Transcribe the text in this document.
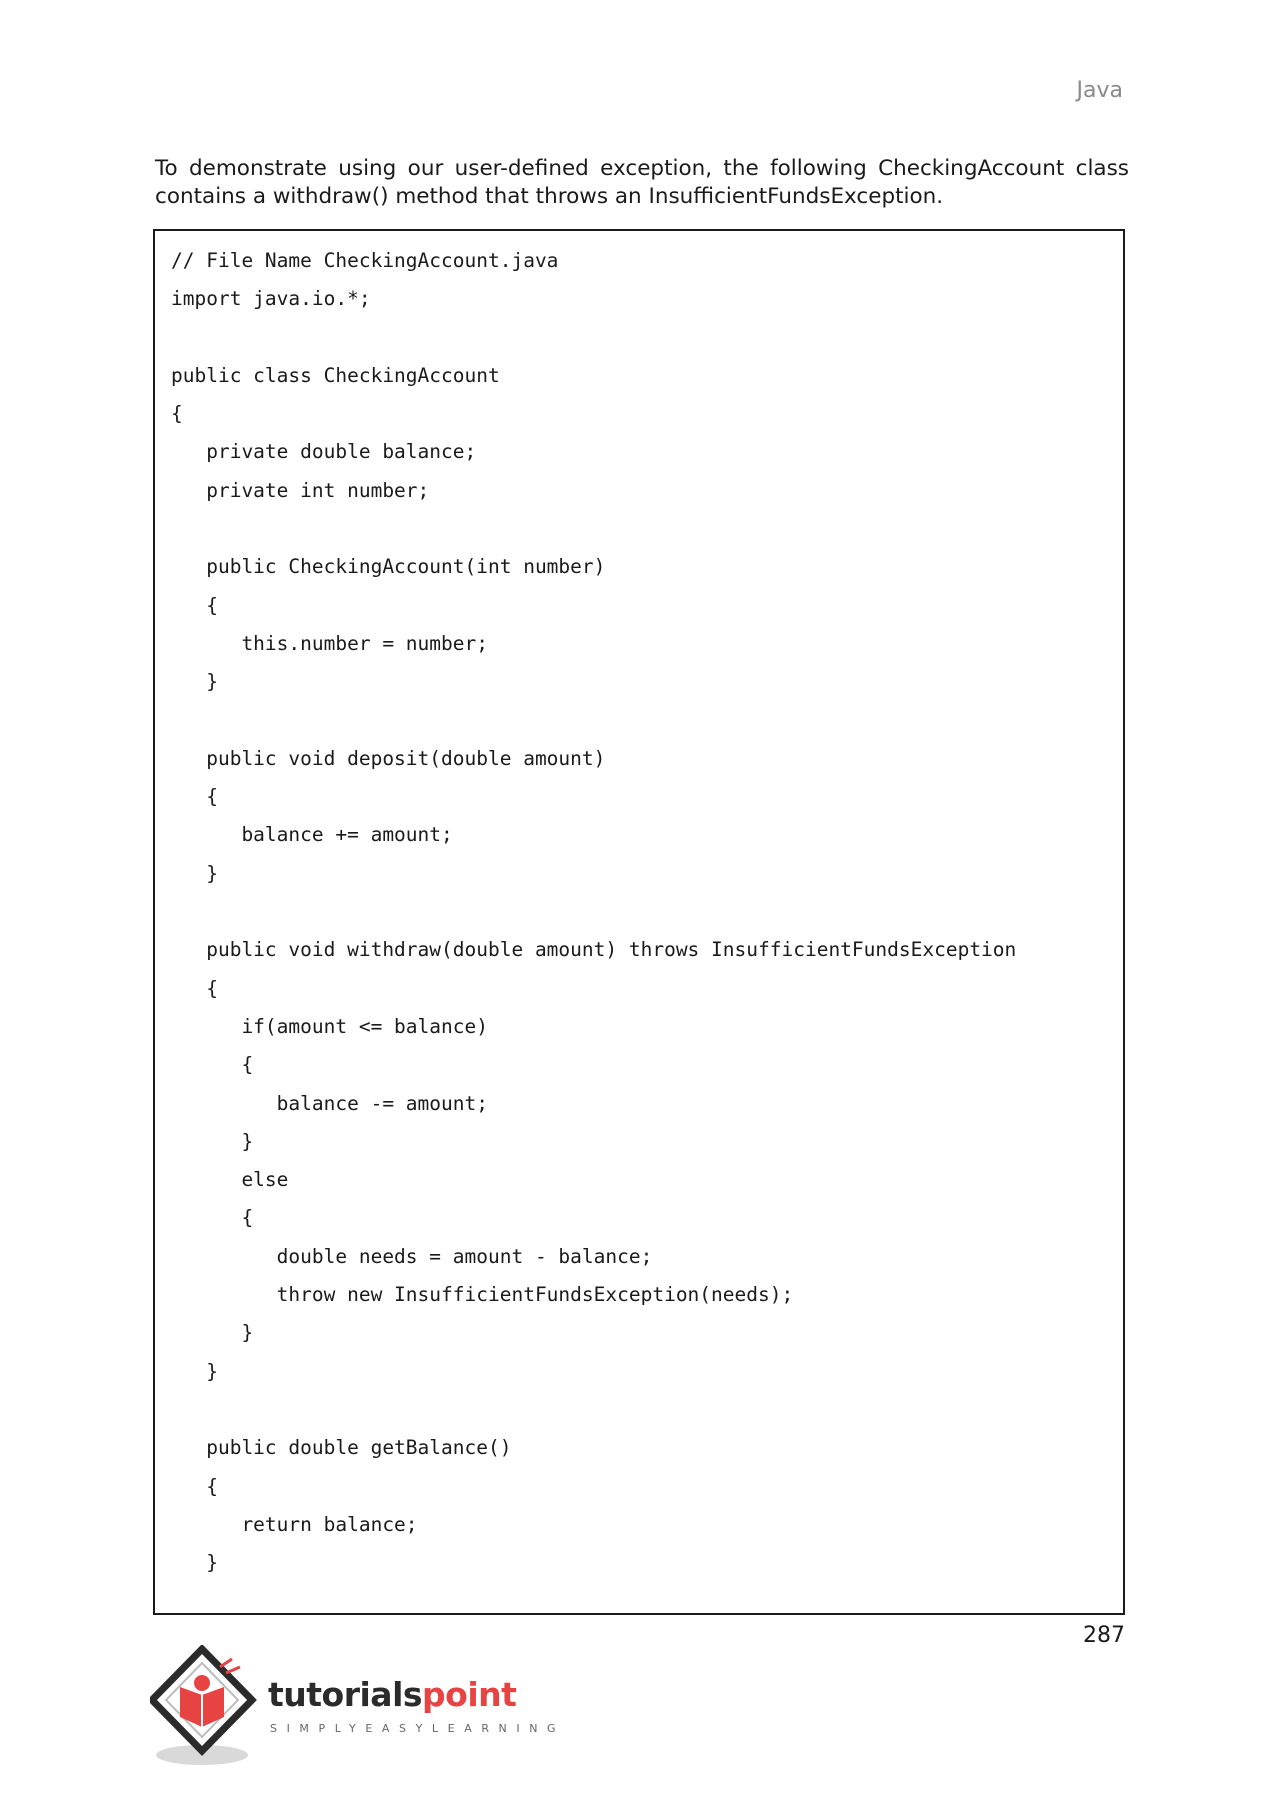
Java

To demonstrate using our user-defined exception, the following CheckingAccount class contains a withdraw() method that throws an InsufficientFundsException.

// File Name CheckingAccount.java
import java.io.*;
public class CheckingAccount
{
private double balance;
private int number;
public CheckingAccount(int number)
{
this.number = number;
}
public void deposit(double amount)
{
balance += amount;
}
public void withdraw(double amount) throws InsufficientFundsException
{
if(amount <= balance)
{
balance -= amount;
}
else
{
double needs = amount - balance;
throw new InsufficientFundsException(needs);
}
}
public double getBalance()
{
return balance;
}
287
tutorialspoint
SIMPLYEASYLEARNING
